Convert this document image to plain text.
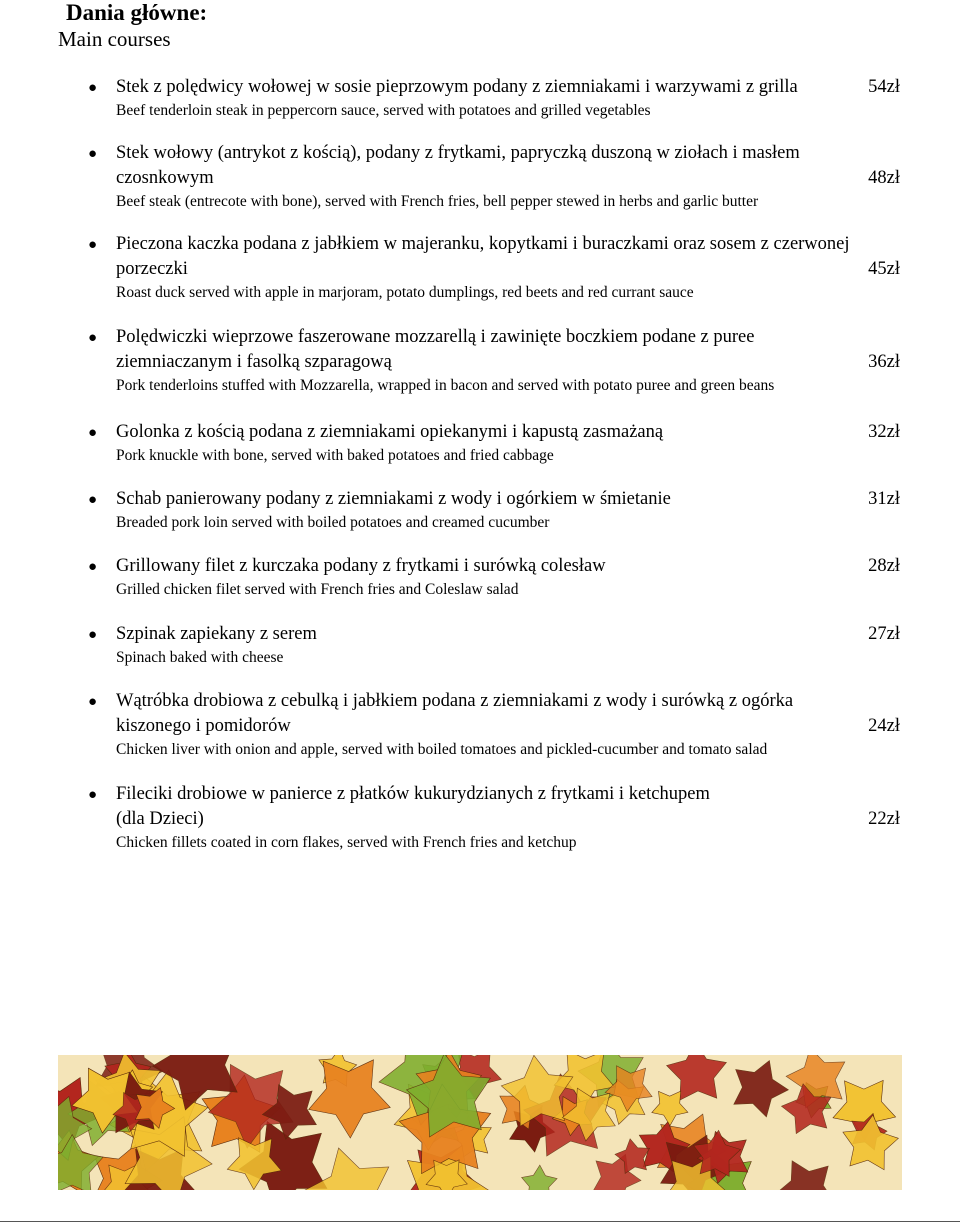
Dania główne:
Main courses
● Stek z polędwicy wołowej w sosie pieprzowym podany z ziemniakami i warzywami z grilla	54zł
Beef tenderloin steak in peppercorn sauce, served with potatoes and grilled vegetables
● Stek wołowy (antrykot z kością), podany z frytkami, papryczką duszoną w ziołach i masłem
czosnkowym	48zł
Beef steak (entrecote with bone), served with French fries, bell pepper stewed in herbs and garlic butter
● Pieczona kaczka podana z jabłkiem w majeranku, kopytkami i buraczkami oraz sosem z czerwonej
porzeczki	45zł
Roast duck served with apple in marjoram, potato dumplings, red beets and red currant sauce
● Polędwiczki wieprzowe faszerowane mozzarellą i zawinięte boczkiem podane z puree
ziemniaczanym i fasolką szparagową	36zł
Pork tenderloins stuffed with Mozzarella, wrapped in bacon and served with potato puree and green beans
● Golonka z kością podana z ziemniakami opiekanymi i kapustą zasmażaną	32zł
Pork knuckle with bone, served with baked potatoes and fried cabbage
● Schab panierowany podany z ziemniakami z wody i ogórkiem w śmietanie	31zł
Breaded pork loin served with boiled potatoes and creamed cucumber
● Grillowany filet z kurczaka podany z frytkami i surówką colesław	28zł
Grilled chicken filet served with French fries and Coleslaw salad
● Szpinak zapiekany z serem	27zł
Spinach baked with cheese
● Wątróbka drobiowa z cebulką i jabłkiem podana z ziemniakami z wody i surówką z ogórka
kiszonego i pomidorów	24zł
Chicken liver with onion and apple, served with boiled tomatoes and pickled-cucumber and tomato salad
● Fileciki drobiowe w panierce z płatków kukurydzianych z frytkami i ketchupem
(dla Dzieci)	22zł
Chicken fillets coated in corn flakes, served with French fries and ketchup
